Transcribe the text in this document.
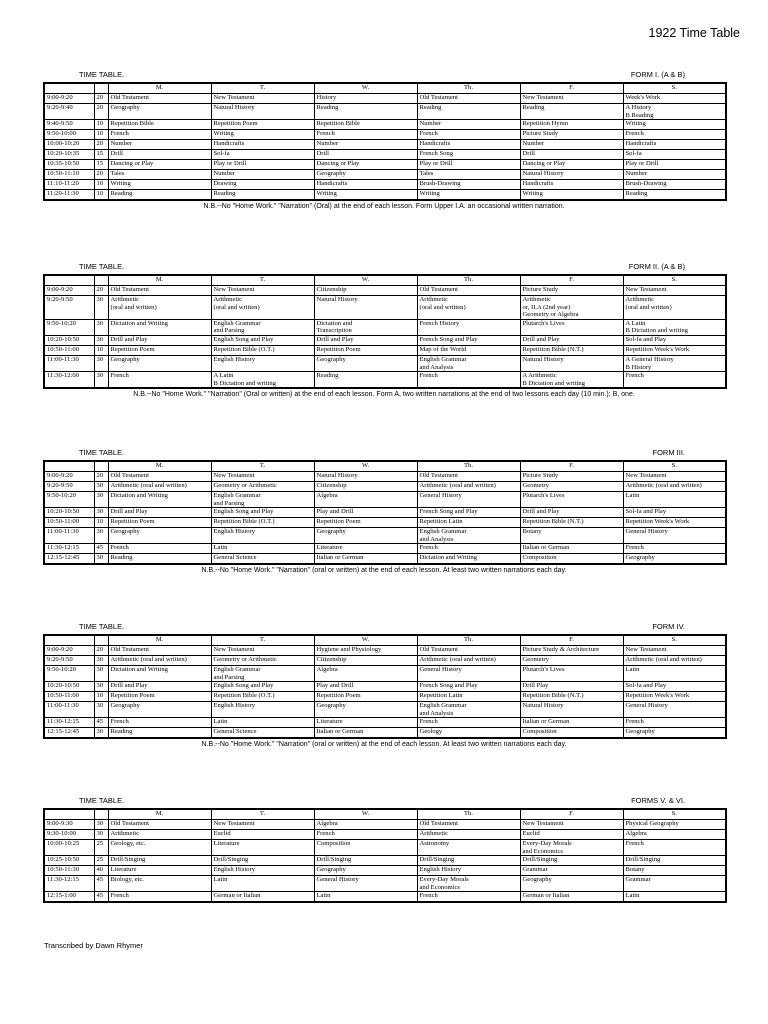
1922 Time Table
TIME TABLE.	FORM I. (A & B)
		M.	T.	W.	Th.	F.	S.
9:00-9:20	20	Old Testament	New Testament	History	Old Testament	New Testament	Week's Work
9:20-9:40	20	Geography	Natural History	Reading	Reading	Reading	A History
B Reading
9:40-9:50	10	Repetition Bible	Repetition Poem	Repetition Bible	Number	Repetition Hymn	Writing
9:50-10:00	10	French	Writing	French	French	Picture Study	French
10:00-10:20	20	Number	Handicrafts	Number	Handicrafts	Number	Handicrafts
10:20-10:35	15	Drill	Sol-fa	Drill	French Song	Drill	Sol-fa
10:35-10:50	15	Dancing or Play	Play or Drill	Dancing or Play	Play or Drill	Dancing or Play	Play or Drill
10:50-11:10	20	Tales	Number	Geography	Tales	Natural History	Number
11:10-11:20	10	Writing	Drawing	Handicrafts	Brush-Drawing	Handicrafts	Brush-Drawing
11:20-11:30	10	Reading	Reading	Writing	Writing	Writing	Reading
N.B.--No "Home Work." "Narration" (Oral) at the end of each lesson. Form Upper I.A. an occasional written narration.
TIME TABLE.	FORM II. (A & B)
		M.	T.	W.	Th.	F.	S.
9:00-9:20	20	Old Testament	New Testament	Citizenship	Old Testament	Picture Study	New Testament
9:20-9:50	30	Arithmetic
(oral and written)	Arithmetic
(oral and written)	Natural History	Arithmetic
(oral and written)	Arithmetic
or, II.A (2nd year)
Geometry or Algebra	Arithmetic
(oral and written)
9:50-10:20	30	Dictation and Writing	English Grammar
and Parsing	Dictation and
Transcription	French History	Plutarch's Lives	A Latin
B Dictation and writing
10:20-10:50	30	Drill and Play	English Song and Play	Drill and Play	French Song and Play	Drill and Play	Sol-fa and Play
10:50-11:00	10	Repetition Poem	Repetition Bible (O.T.)	Repetition Poem	Map of the World	Repetition Bible (N.T.)	Repetition Week's Work
11:00-11:30	30	Geography	English History	Geography	English Grammar
and Analysis	Natural History	A General History
B History
11:30-12:00	30	French	A Latin
B Dictation and writing	Reading	French	A Arithmetic
B Dictation and writing	French
N.B.--No "Home Work." "Narration" (Oral or written) at the end of each lesson. Form A, two written narrations at the end of two lessons each day (10 min.); B, one.
TIME TABLE.	FORM III.
		M.	T.	W.	Th.	F.	S.
9:00-9:20	20	Old Testament	New Testament	Natural History	Old Testament	Picture Study	New Testament
9:20-9:50	30	Arithmetic (oral and written)	Geometry or Arithmetic	Citizenship	Arithmetic (oral and written)	Geometry	Arithmetic (oral and written)
9:50-10:20	30	Dictation and Writing	English Grammar
and Parsing	Algebra	General History	Plutarch's Lives	Latin
10:20-10:50	30	Drill and Play	English Song and Play	Play and Drill	French Song and Play	Drill and Play	Sol-fa and Play
10:50-11:00	10	Repetition Poem	Repetition Bible (O.T.)	Repetition Poem	Repetition Latin	Repetition Bible (N.T.)	Repetition Week's Work
11:00-11:30	30	Geography	English History	Geography	English Grammar
and Analysis	Botany	General History
11:30-12:15	45	French	Latin	Literature	French	Italian or German	French
12:15-12:45	30	Reading	General Science	Italian or German	Dictation and Writing	Composition	Geography
N.B.--No "Home Work." "Narration" (oral or written) at the end of each lesson. At least two written narrations each day.
TIME TABLE.	FORM IV.
		M.	T.	W.	Th.	F.	S.
9:00-9:20	20	Old Testament	New Testament	Hygiene and Physiology	Old Testament	Picture Study & Architecture	New Testament
9:20-9:50	30	Arithmetic (oral and written)	Geometry or Arithmetic	Citizenship	Arithmetic (oral and written)	Geometry	Arithmetic (oral and written)
9:50-10:20	30	Dictation and Writing	English Grammar
and Parsing	Algebra	General History	Plutarch's Lives	Latin
10:20-10:50	30	Drill and Play	English Song and Play	Play and Drill	French Song and Play	Drill Play	Sol-fa and Play
10:50-11:00	10	Repetition Poem	Repetition Bible (O.T.)	Repetition Poem	Repetition Latin	Repetition Bible (N.T.)	Repetition Week's Work
11:00-11:30	30	Geography	English History	Geography	English Grammar
and Analysis	Natural History	General History
11:30-12:15	45	French	Latin	Literature	French	Italian or German	French
12:15-12:45	30	Reading	General Science	Italian or German	Geology	Composition	Geography
N.B.--No "Home Work." "Narration" (oral or written) at the end of each lesson. At least two written narrations each day.
TIME TABLE.	FORMS V. & VI.
		M.	T.	W.	Th.	F.	S.
9:00-9:30	30	Old Testament	New Testament	Algebra	Old Testament	New Testament	Physical Geography
9:30-10:00	30	Arithmetic	Euclid	French	Arithmetic	Euclid	Algebra
10:00-10:25	25	Geology, etc.	Literature	Composition	Astronomy	Every-Day Morals
and Economics	French
10:25-10:50	25	Drill/Singing	Drill/Singing	Drill/Singing	Drill/Singing	Drill/Singing	Drill/Singing
10:50-11:30	40	Literature	English History	Geography	English History	Grammar	Botany
11:30-12:15	45	Biology, etc.	Latin	General History	Every-Day Morals
and Economics	Geography	Grammar
12:15-1:00	45	French	German or Italian	Latin	French	German or Italian	Latin
Transcribed by Dawn Rhymer
